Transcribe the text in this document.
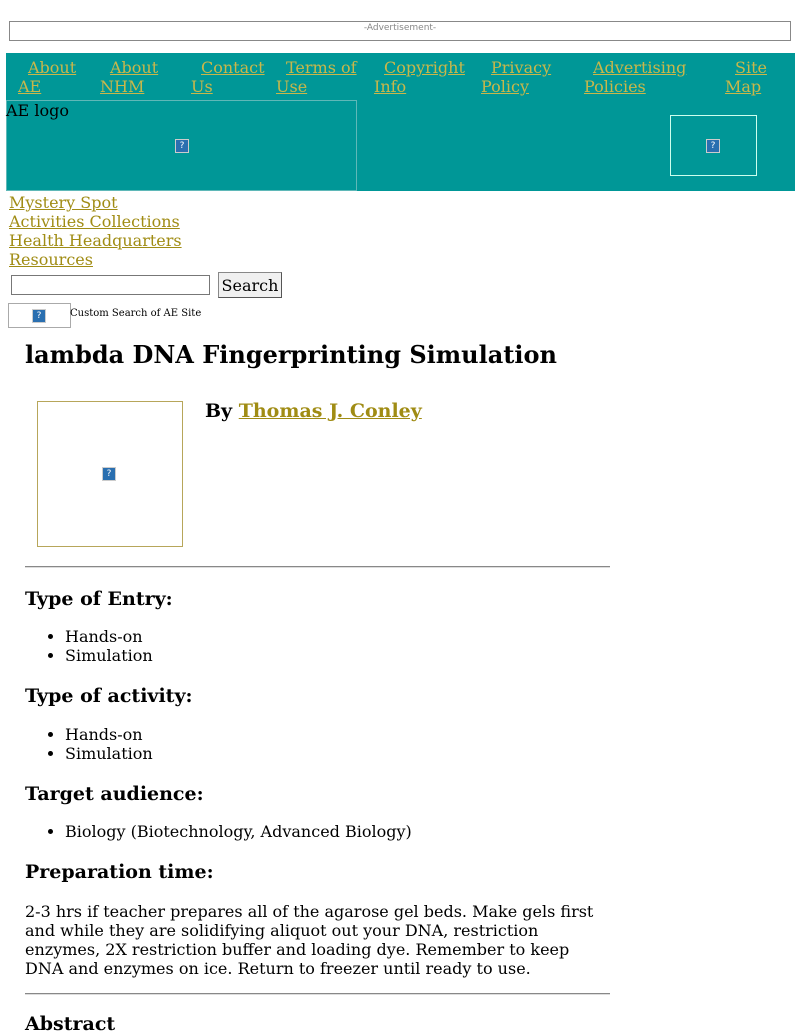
-Advertisement-
About
AE
About
NHM
Contact
Us
Terms of
Use
Copyright
Info
Privacy
Policy
Advertising
Policies
Site
Map
?
AE logo
?
Mystery Spot
Activities Collections
Health Headquarters
Resources
Search
?	Custom Search of AE Site
lambda DNA Fingerprinting Simulation
?
By Thomas J. Conley
Type of Entry:
• Hands-on
• Simulation
Type of activity:
• Hands-on
• Simulation
Target audience:
• Biology (Biotechnology, Advanced Biology)
Preparation time:

2-3 hrs if teacher prepares all of the agarose gel beds. Make gels first and while they are solidifying aliquot out your DNA, restriction enzymes, 2X restriction buffer and loading dye. Remember to keep DNA and enzymes on ice. Return to freezer until ready to use.

Abstract
